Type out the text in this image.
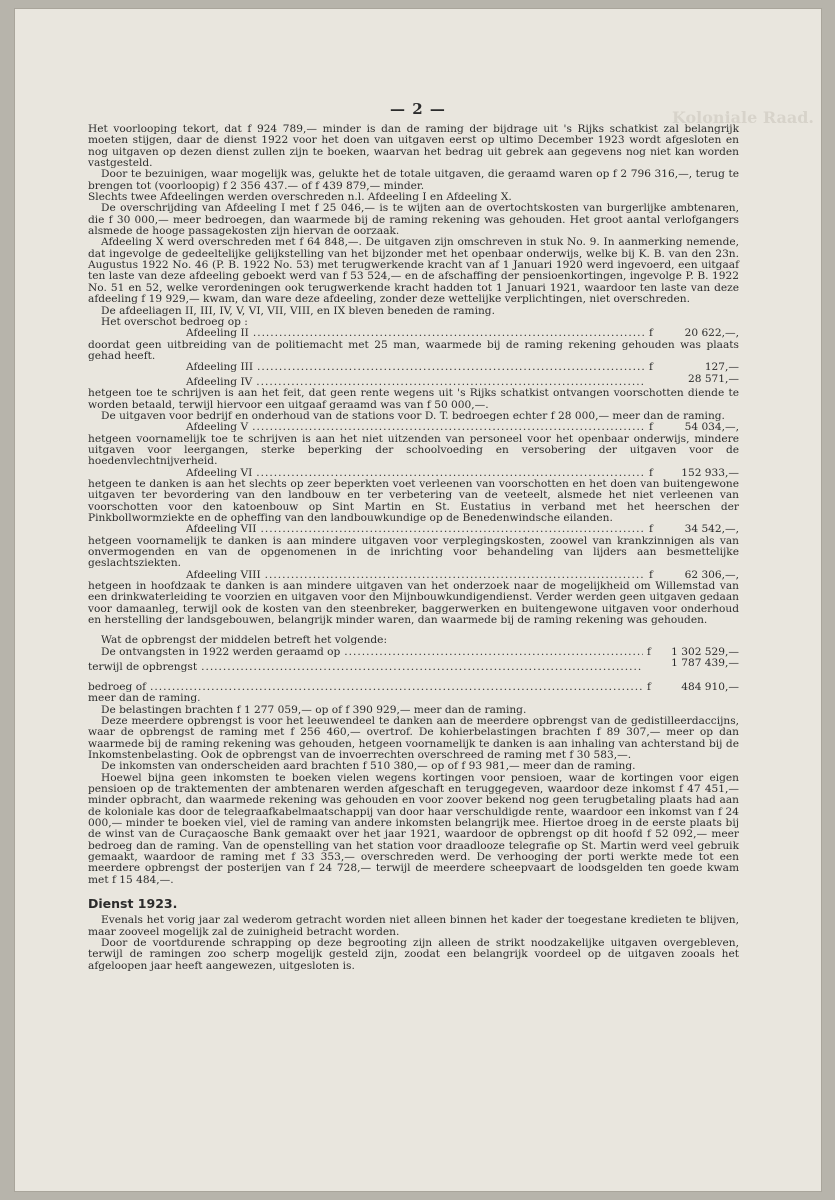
Koloniale Raad.
— 2 —

Het voorlooping tekort, dat f 924 789,— minder is dan de raming der bijdrage uit 's Rijks schatkist zal belangrijk moeten stijgen, daar de dienst 1922 voor het doen van uitgaven eerst op ultimo December 1923 wordt afgesloten en nog uitgaven op dezen dienst zullen zijn te boeken, waarvan het bedrag uit gebrek aan gegevens nog niet kan worden vastgesteld.

Door te bezuinigen, waar mogelijk was, gelukte het de totale uitgaven, die geraamd waren op f 2 796 316,—, terug te brengen tot (voorloopig) f 2 356 437.— of f 439 879,— minder.

Slechts twee Afdeelingen werden overschreden n.l. Afdeeling I en Afdeeling X.

De overschrijding van Afdeeling I met f 25 046,— is te wijten aan de overtochtskosten van burgerlijke ambtenaren, die f 30 000,— meer bedroegen, dan waarmede bij de raming rekening was gehouden. Het groot aantal verlofgangers alsmede de hooge passagekosten zijn hiervan de oorzaak.

Afdeeling X werd overschreden met f 64 848,—. De uitgaven zijn omschreven in stuk No. 9. In aanmerking nemende, dat ingevolge de gedeeltelijke gelijkstelling van het bijzonder met het openbaar onderwijs, welke bij K. B. van den 23n. Augustus 1922 No. 46 (P. B. 1922 No. 53) met terugwerkende kracht van af 1 Januari 1920 werd ingevoerd, een uitgaaf ten laste van deze afdeeling geboekt werd van f 53 524,— en de afschaffing der pensioenkortingen, ingevolge P. B. 1922 No. 51 en 52, welke verordeningen ook terugwerkende kracht hadden tot 1 Januari 1921, waardoor ten laste van deze afdeeling f 19 929,— kwam, dan ware deze afdeeling, zonder deze wettelijke verplichtingen, niet overschreden.

De afdeeliagen II, III, IV, V, VI, VII, VIII, en IX bleven beneden de raming.

Het overschot bedroeg op :

Afdeeling II .....	f	20 622,—,

doordat geen uitbreiding van de politiemacht met 25 man, waarmede bij de raming rekening gehouden was plaats gehad heeft.

Afdeeling III .....	f	127,—
Afdeeling IV .....	28 571,—

hetgeen toe te schrijven is aan het feit, dat geen rente wegens uit 's Rijks schatkist ontvangen voorschotten diende te worden betaald, terwijl hiervoor een uitgaaf geraamd was van f 50 000,—.

De uitgaven voor bedrijf en onderhoud van de stations voor D. T. bedroegen echter f 28 000,— meer dan de raming.

Afdeeling V .....	f	54 034,—,

hetgeen voornamelijk toe te schrijven is aan het niet uitzenden van personeel voor het openbaar onderwijs, mindere uitgaven voor leergangen, sterke beperking der schoolvoeding en versobering der uitgaven voor de hoedenvlechtnijverheid.

Afdeeling VI .....	f	152 933,—

hetgeen te danken is aan het slechts op zeer beperkten voet verleenen van voorschotten en het doen van buitengewone uitgaven ter bevordering van den landbouw en ter verbetering van de veeteelt, alsmede het niet verleenen van voorschotten voor den katoenbouw op Sint Martin en St. Eustatius in verband met het heerschen der Pinkbollwormziekte en de opheffing van den landbouwkundige op de Benedenwindsche eilanden.

Afdeeling VII .....	f	34 542,—,

hetgeen voornamelijk te danken is aan mindere uitgaven voor verplegingskosten, zoowel van krankzinnigen als van onvermogenden en van de opgenomenen in de inrichting voor behandeling van lijders aan besmettelijke geslachtsziekten.

Afdeeling VIII .....	f	62 306,—,

hetgeen in hoofdzaak te danken is aan mindere uitgaven van het onderzoek naar de mogelijkheid om Willemstad van een drinkwaterleiding te voorzien en uitgaven voor den Mijnbouwkundigendienst. Verder werden geen uitgaven gedaan voor damaanleg, terwijl ook de kosten van den steenbreker, baggerwerken en buitengewone uitgaven voor onderhoud en herstelling der landsgebouwen, belangrijk minder waren, dan waarmede bij de raming rekening was gehouden.

Wat de opbrengst der middelen betreft het volgende:

De ontvangsten in 1922 werden geraamd op .....	f 1 302 529,—
terwijl de opbrengst .....	1 787 439,—
bedroeg of .....	f	484 910,—

meer dan de raming.

De belastingen brachten f 1 277 059,— op of f 390 929,— meer dan de raming.

Deze meerdere opbrengst is voor het leeuwendeel te danken aan de meerdere opbrengst van de gedistilleerdaccijns, waar de opbrengst de raming met f 256 460,— overtrof. De kohierbelastingen brachten f 89 307,— meer op dan waarmede bij de raming rekening was gehouden, hetgeen voornamelijk te danken is aan inhaling van achterstand bij de Inkomstenbelasting. Ook de opbrengst van de invoerrechten overschreed de raming met f 30 583,—.

De inkomsten van onderscheiden aard brachten f 510 380,— op of f 93 981,— meer dan de raming.

Hoewel bijna geen inkomsten te boeken vielen wegens kortingen voor pensioen, waar de kortingen voor eigen pensioen op de traktementen der ambtenaren werden afgeschaft en teruggegeven, waardoor deze inkomst f 47 451,— minder opbracht, dan waarmede rekening was gehouden en voor zoover bekend nog geen terugbetaling plaats had aan de koloniale kas door de telegraafkabelmaatschappij van door haar verschuldigde rente, waardoor een inkomst van f 24 000,— minder te boeken viel, viel de raming van andere inkomsten belangrijk mee. Hiertoe droeg in de eerste plaats bij de winst van de Curaçaosche Bank gemaakt over het jaar 1921, waardoor de opbrengst op dit hoofd f 52 092,— meer bedroeg dan de raming. Van de openstelling van het station voor draadlooze telegrafie op St. Martin werd veel gebruik gemaakt, waardoor de raming met f 33 353,— overschreden werd. De verhooging der porti werkte mede tot een meerdere opbrengst der posterijen van f 24 728,— terwijl de meerdere scheepvaart de loodsgelden ten goede kwam met f 15 484,—.

Dienst 1923.

Evenals het vorig jaar zal wederom getracht worden niet alleen binnen het kader der toegestane kredieten te blijven, maar zooveel mogelijk zal de zuinigheid betracht worden.

Door de voortdurende schrapping op deze begrooting zijn alleen de strikt noodzakelijke uitgaven overgebleven, terwijl de ramingen zoo scherp mogelijk gesteld zijn, zoodat een belangrijk voordeel op de uitgaven zooals het afgeloopen jaar heeft aangewezen, uitgesloten is.
